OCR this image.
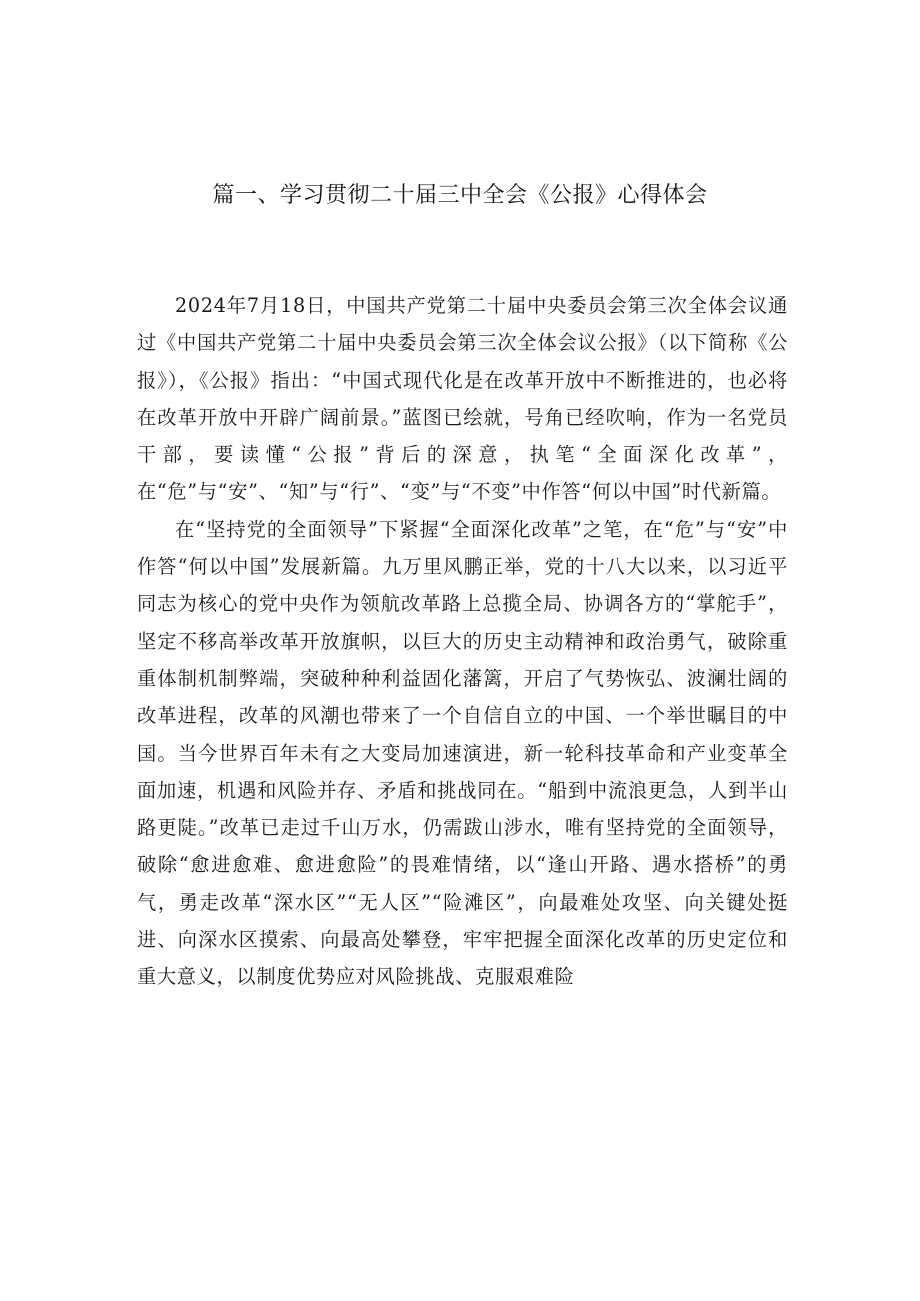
篇一、学习贯彻二十届三中全会《公报》心得体会

2024年7月18日，中国共产党第二十届中央委员会第三次全体会议通过《中国共产党第二十届中央委员会第三次全体会议公报》（以下简称《公报》），《公报》指出：“中国式现代化是在改革开放中不断推进的，也必将在改革开放中开辟广阔前景。”蓝图已绘就，号角已经吹响，作为一名党员干部，要读懂“公报”背后的深意，执笔“全面深化改革”，在“危”与“安”、“知”与“行”、“变”与“不变”中作答“何以中国”时代新篇。

在“坚持党的全面领导”下紧握“全面深化改革”之笔，在“危”与“安”中作答“何以中国”发展新篇。九万里风鹏正举，党的十八大以来，以习近平同志为核心的党中央作为领航改革路上总揽全局、协调各方的“掌舵手”，坚定不移高举改革开放旗帜，以巨大的历史主动精神和政治勇气，破除重重体制机制弊端，突破种种利益固化藩篱，开启了气势恢弘、波澜壮阔的改革进程，改革的风潮也带来了一个自信自立的中国、一个举世瞩目的中国。当今世界百年未有之大变局加速演进，新一轮科技革命和产业变革全面加速，机遇和风险并存、矛盾和挑战同在。“船到中流浪更急，人到半山路更陡。”改革已走过千山万水，仍需跋山涉水，唯有坚持党的全面领导，破除“愈进愈难、愈进愈险”的畏难情绪，以“逢山开路、遇水搭桥”的勇气，勇走改革“深水区”“无人区”“险滩区”，向最难处攻坚、向关键处挺进、向深水区摸索、向最高处攀登，牢牢把握全面深化改革的历史定位和重大意义，以制度优势应对风险挑战、克服艰难险
